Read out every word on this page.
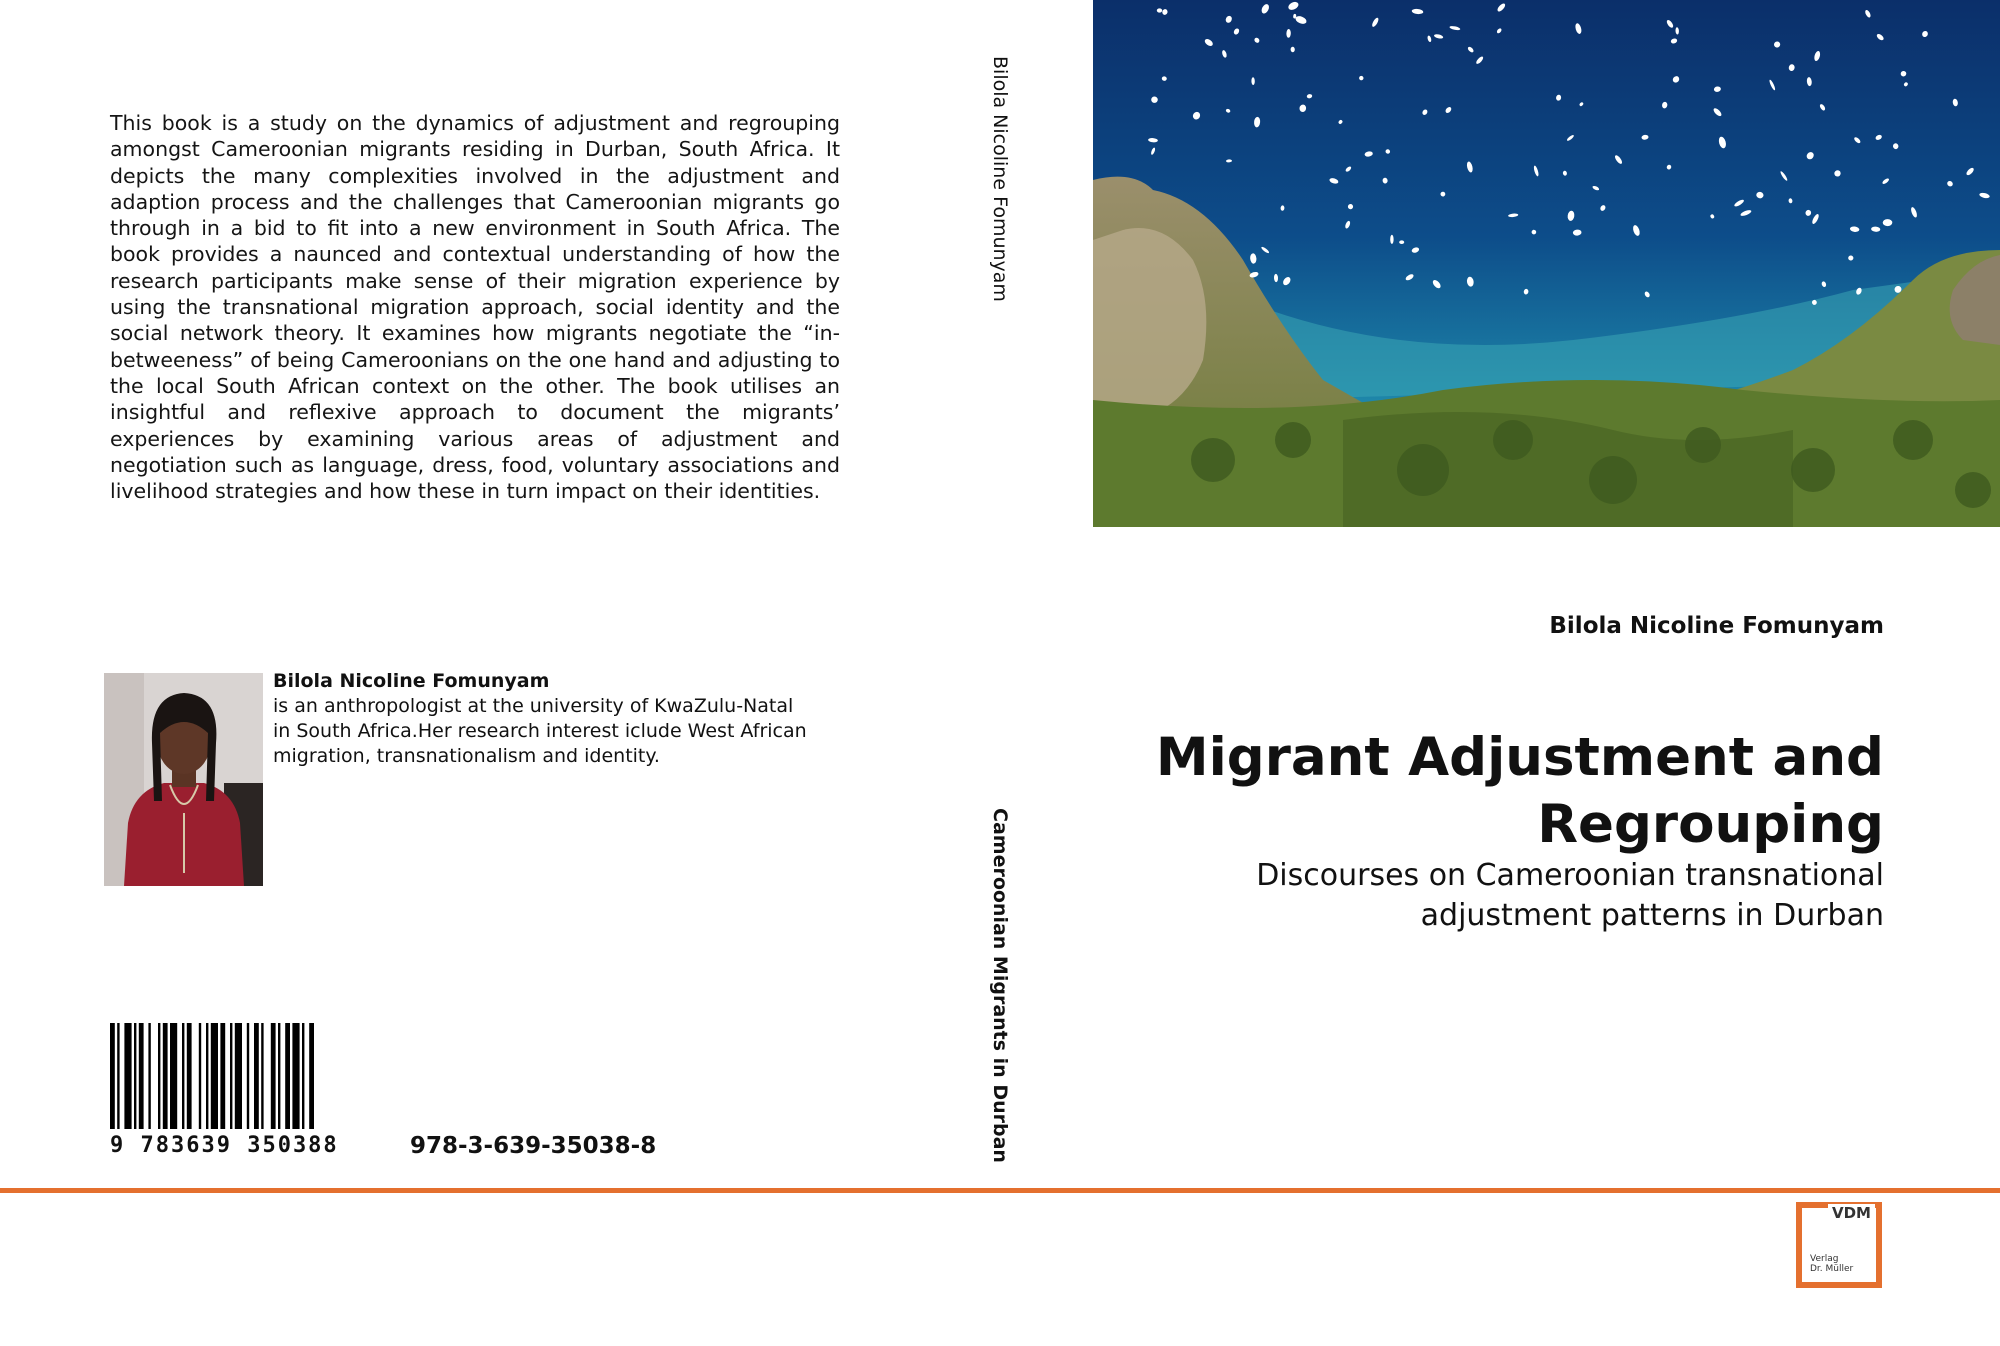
This book is a study on the dynamics of adjustment and regrouping amongst Cameroonian migrants residing in Durban, South Africa. It depicts the many complexities involved in the adjustment and adaption process and the challenges that Cameroonian migrants go through in a bid to fit into a new environment in South Africa. The book provides a naunced and contextual understanding of how the research participants make sense of their migration experience by using the transnational migration approach, social identity and the social network theory. It examines how migrants negotiate the “in- betweeness” of being Cameroonians on the one hand and adjusting to the local South African context on the other. The book utilises an insightful and reflexive approach to document the migrants’ experiences by examining various areas of adjustment and negotiation such as language, dress, food, voluntary associations and livelihood strategies and how these in turn impact on their identities.
Bilola Nicoline Fomunyam
is an anthropologist at the university of KwaZulu-Natal in South Africa.Her research interest iclude West African migration, transnationalism and identity.
9 783639 350388	978-3-639-35038-8
Bilola Nicoline Fomunyam
Cameroonian Migrants in Durban
Bilola Nicoline Fomunyam
Migrant Adjustment and Regrouping
Discourses on Cameroonian transnational adjustment patterns in Durban
VDM
Verlag
Dr. Müller
